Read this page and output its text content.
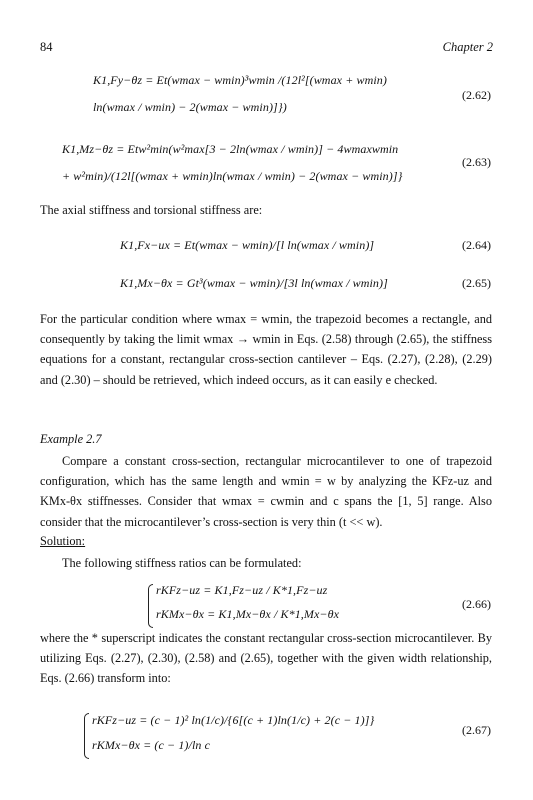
84	Chapter 2
K1,Fy−θz = Et(wmax − wmin)³wmin /(12l²[(wmax + wmin)
ln(wmax / wmin) − 2(wmax − wmin)]})
(2.62)
K1,Mz−θz = Etw²min(w²max[3 − 2ln(wmax / wmin)] − 4wmaxwmin
+ w²min)/(12l[(wmax + wmin)ln(wmax / wmin) − 2(wmax − wmin)]}
(2.63)
The axial stiffness and torsional stiffness are:
K1,Fx−ux = Et(wmax − wmin)/[l ln(wmax / wmin)]	(2.64)
K1,Mx−θx = Gt³(wmax − wmin)/[3l ln(wmax / wmin)]	(2.65)
For the particular condition where wmax = wmin, the trapezoid becomes a rectangle, and consequently by taking the limit wmax → wmin in Eqs. (2.58) through (2.65), the stiffness equations for a constant, rectangular cross-section cantilever – Eqs. (2.27), (2.28), (2.29) and (2.30) – should be retrieved, which indeed occurs, as it can easily e checked.
Example 2.7
Compare a constant cross-section, rectangular microcantilever to one of trapezoid configuration, which has the same length and wmin = w by analyzing the KFz-uz and KMx-θx stiffnesses. Consider that wmax = cwmin and c spans the [1, 5] range. Also consider that the microcantilever’s cross-section is very thin (t << w).
Solution:
The following stiffness ratios can be formulated:
rKFz−uz = K1,Fz−uz / K*1,Fz−uz
rKMx−θx = K1,Mx−θx / K*1,Mx−θx
(2.66)
where the * superscript indicates the constant rectangular cross-section microcantilever. By utilizing Eqs. (2.27), (2.30), (2.58) and (2.65), together with the given width relationship, Eqs. (2.66) transform into:
rKFz−uz = (c − 1)² ln(1/c)/{6[(c + 1)ln(1/c) + 2(c − 1)]}
rKMx−θx = (c − 1)/ln c
(2.67)
